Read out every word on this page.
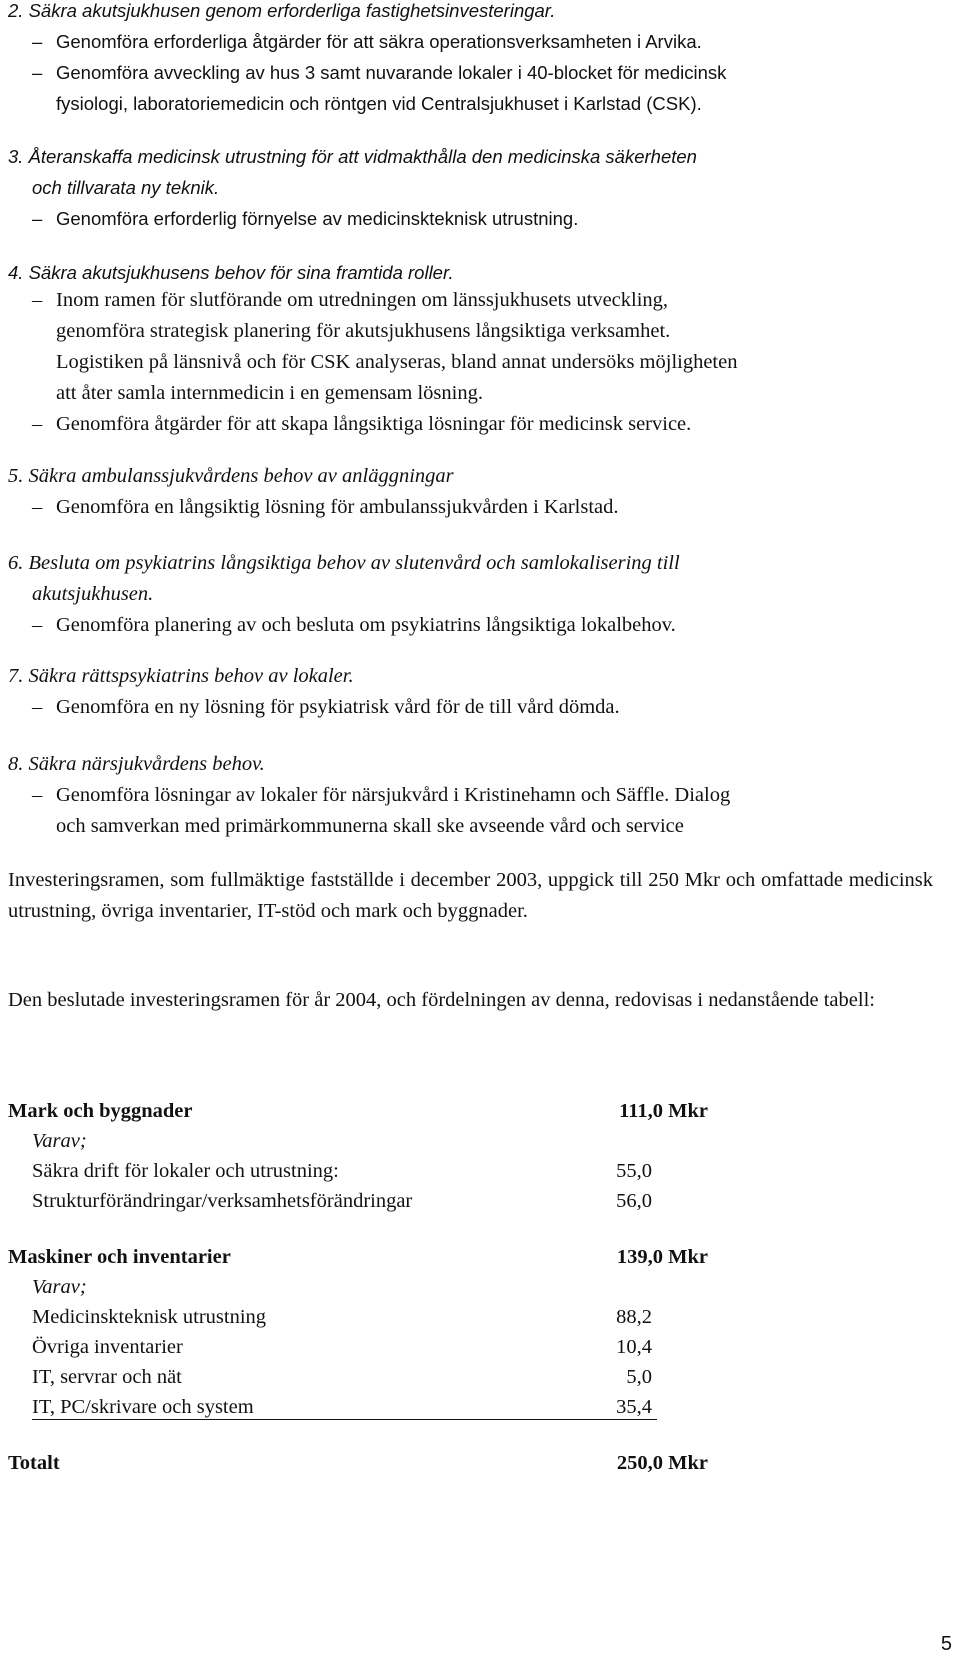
2. Säkra akutsjukhusen genom erforderliga fastighetsinvesteringar.
– Genomföra erforderliga åtgärder för att säkra operationsverksamheten i Arvika.
– Genomföra avveckling av hus 3 samt nuvarande lokaler i 40-blocket för medicinsk
fysiologi, laboratoriemedicin och röntgen vid Centralsjukhuset i Karlstad (CSK).
3. Återanskaffa medicinsk utrustning för att vidmakthålla den medicinska säkerheten
och tillvarata ny teknik.
– Genomföra erforderlig förnyelse av medicinskteknisk utrustning.
4. Säkra akutsjukhusens behov för sina framtida roller.
– Inom ramen för slutförande om utredningen om länssjukhusets utveckling,
genomföra strategisk planering för akutsjukhusens långsiktiga verksamhet.
Logistiken på länsnivå och för CSK analyseras, bland annat undersöks möjligheten
att åter samla internmedicin i en gemensam lösning.
– Genomföra åtgärder för att skapa långsiktiga lösningar för medicinsk service.
5. Säkra ambulanssjukvårdens behov av anläggningar
– Genomföra en långsiktig lösning för ambulanssjukvården i Karlstad.
6. Besluta om psykiatrins långsiktiga behov av slutenvård och samlokalisering till
akutsjukhusen.
– Genomföra planering av och besluta om psykiatrins långsiktiga lokalbehov.
7. Säkra rättspsykiatrins behov av lokaler.
– Genomföra en ny lösning för psykiatrisk vård för de till vård dömda.
8. Säkra närsjukvårdens behov.
– Genomföra lösningar av lokaler för närsjukvård i Kristinehamn och Säffle. Dialog
och samverkan med primärkommunerna skall ske avseende vård och service

Investeringsramen, som fullmäktige fastställde i december 2003, uppgick till 250 Mkr och omfattade medicinsk utrustning, övriga inventarier, IT-stöd och mark och byggnader.

Den beslutade investeringsramen för år 2004, och fördelningen av denna, redovisas i nedanstående tabell:

Mark och byggnader	111,0 Mkr
Varav;
Säkra drift för lokaler och utrustning:	55,0
Strukturförändringar/verksamhetsförändringar	56,0
Maskiner och inventarier	139,0 Mkr
Varav;
Medicinskteknisk utrustning	88,2
Övriga inventarier	10,4
IT, servrar och nät	5,0
IT, PC/skrivare och system	35,4
Totalt	250,0 Mkr
5
